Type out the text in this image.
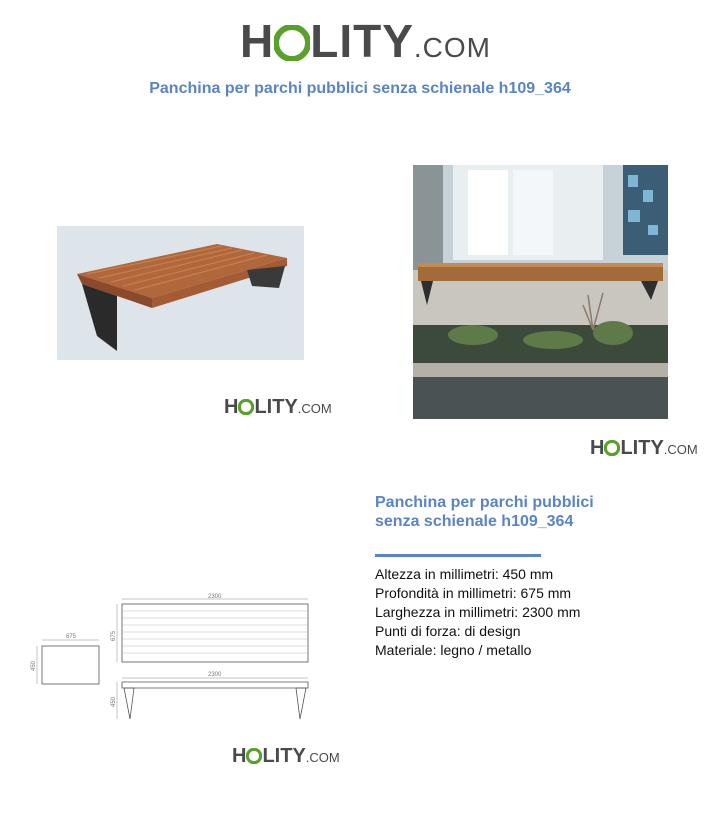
H LITY .COM
Panchina per parchi pubblici senza schienale h109_364
H LITY .COM
H LITY .COM
675
450
2300
675
2300
450
H LITY .COM
Panchina per parchi pubblici senza schienale h109_364
Altezza in millimetri: 450 mm
Profondità in millimetri: 675 mm
Larghezza in millimetri: 2300 mm
Punti di forza: di design
Materiale: legno / metallo
